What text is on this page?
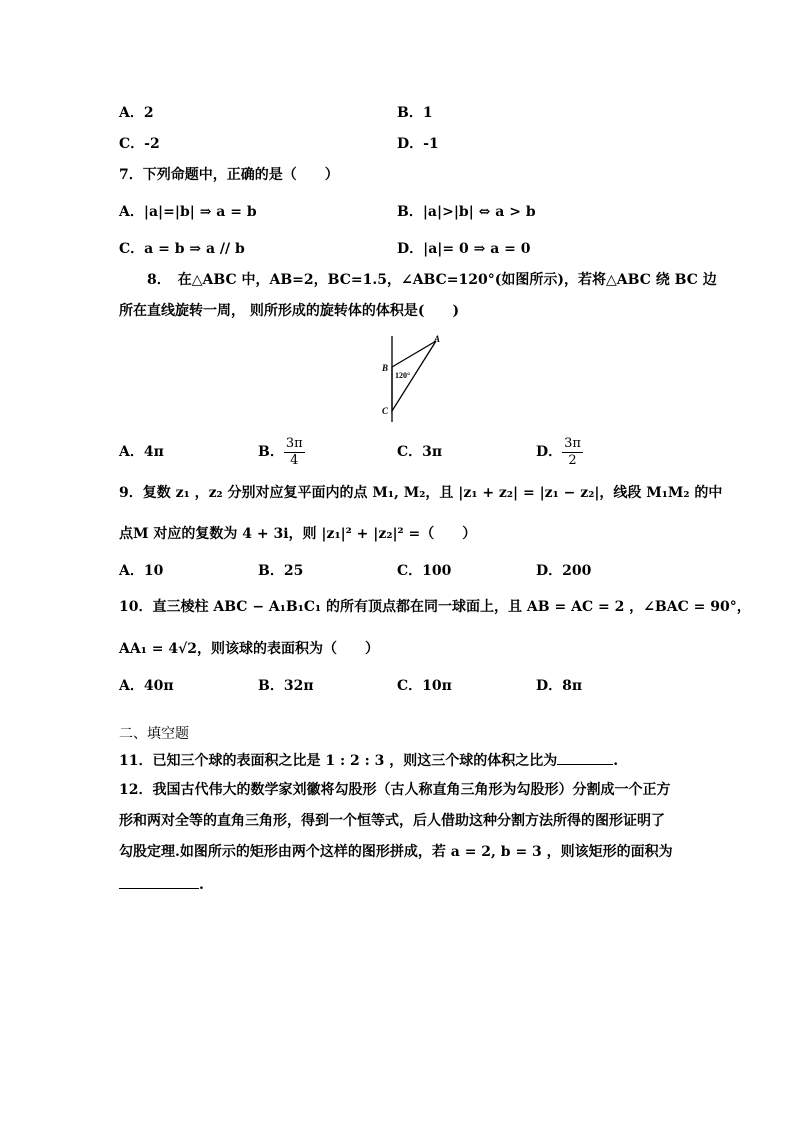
A．2	B．1
C．-2	D．-1
7．下列命题中，正确的是（　　）
A．|a|=|b| ⇒ a = b	B．|a|>|b| ⇔ a > b
C．a = b ⇒ a // b	D．|a|= 0 ⇒ a = 0
8．　在△ABC 中，AB=2，BC=1.5，∠ABC=120°(如图所示)，若将△ABC 绕 BC 边
所在直线旋转一周， 则所形成的旋转体的体积是(　　)
A
B
C
120°
A．4π	B． $\frac{3\pi}{4}$	C．3π	D． $\frac{3\pi}{2}$
9．复数 z₁ ，z₂ 分别对应复平面内的点 M₁, M₂，且 |z₁ + z₂| = |z₁ − z₂|，线段 M₁M₂ 的中
点M 对应的复数为 4 + 3i，则 |z₁|² + |z₂|² =（　　）
A．10	B．25	C．100	D．200
10．直三棱柱 ABC − A₁B₁C₁ 的所有顶点都在同一球面上，且 AB = AC = 2 ，∠BAC = 90°，
AA₁ = 4√2，则该球的表面积为（　　）
A．40π	B．32π	C．10π	D．8π
二、填空题
11．已知三个球的表面积之比是 1 : 2 : 3 ，则这三个球的体积之比为	.
12．我国古代伟大的数学家刘徽将勾股形（古人称直角三角形为勾股形）分割成一个正方
形和两对全等的直角三角形，得到一个恒等式，后人借助这种分割方法所得的图形证明了
勾股定理.如图所示的矩形由两个这样的图形拼成，若 a = 2, b = 3 ，则该矩形的面积为
.
